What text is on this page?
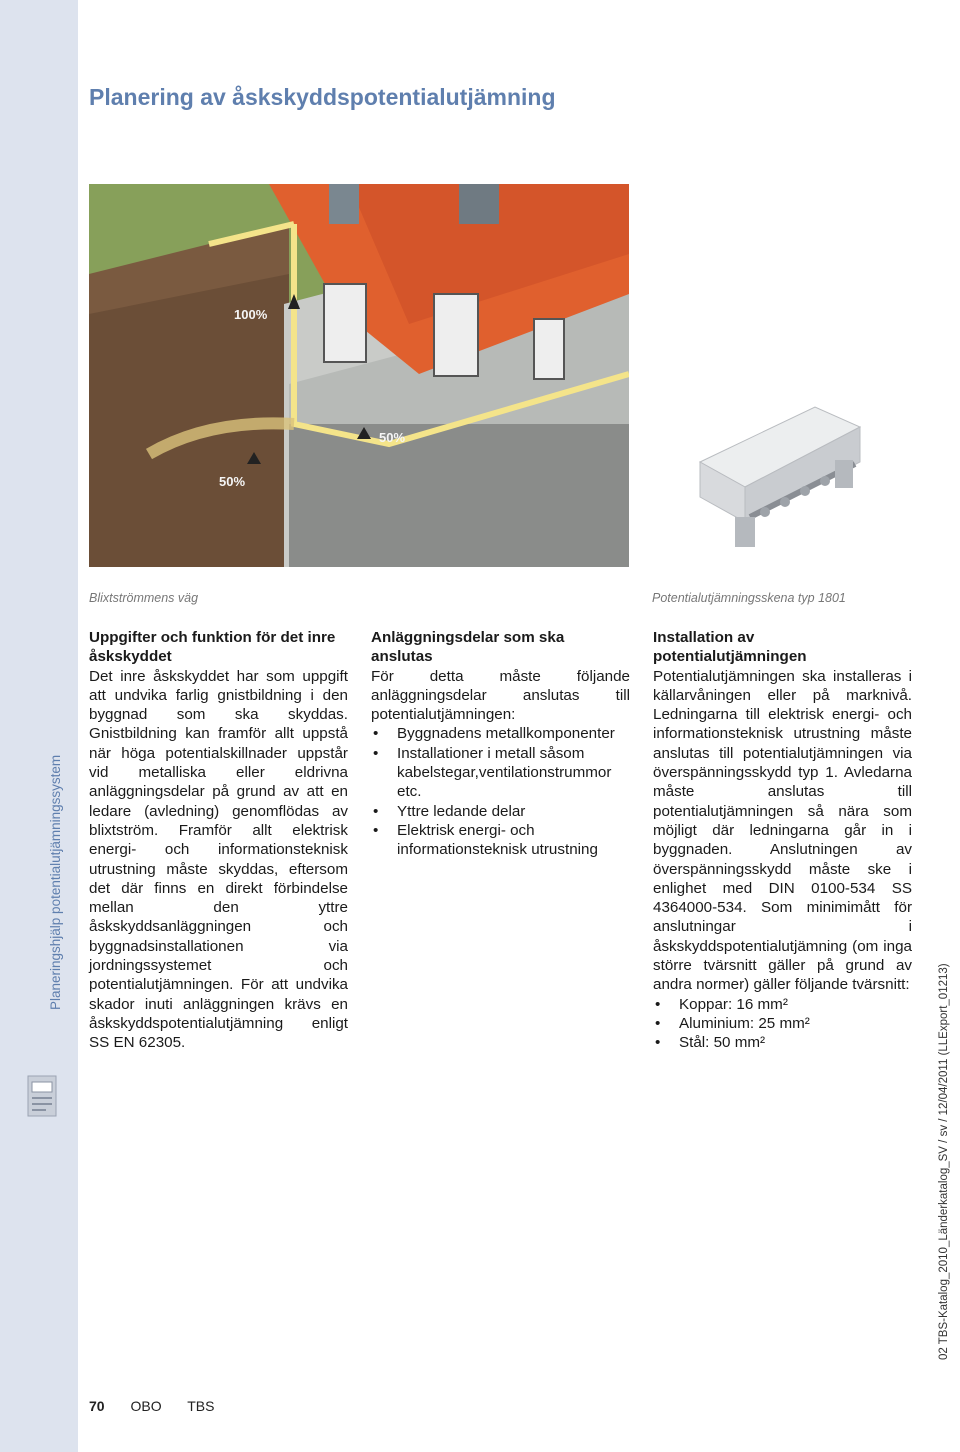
Planeringshjälp potentialutjämningssystem
02 TBS-Katalog_2010_Länderkatalog_SV / sv / 12/04/2011 (LLExport_01213)
Planering av åskskyddspotentialutjämning
100%
50%
50%
Blixtströmmens väg	Potentialutjämningsskena typ 1801
Uppgifter och funktion för det inre åskskyddet

Det inre åskskyddet har som uppgift att undvika farlig gnistbildning i den byggnad som ska skyddas. Gnistbildning kan framför allt uppstå när höga potentialskillnader uppstår vid metalliska eller eldrivna anläggningsdelar på grund av att en ledare (avledning) genomflödas av blixtström. Framför allt elektrisk energi- och informationsteknisk utrustning måste skyddas, eftersom det där finns en direkt förbindelse mellan den yttre åskskyddsanläggningen och byggnadsinstallationen via jordningssystemet och potentialutjämningen. För att undvika skador inuti anläggningen krävs en åskskyddspotentialutjämning enligt SS EN 62305.

Anläggningsdelar som ska anslutas

För detta måste följande anläggningsdelar anslutas till potentialutjämningen:

• Byggnadens metallkomponenter
• Installationer i metall såsom kabelstegar,ventilationstrummor etc.
• Yttre ledande delar
• Elektrisk energi- och informationsteknisk utrustning
Installation av potentialutjämningen

Potentialutjämningen ska installeras i källarvåningen eller på marknivå. Ledningarna till elektrisk energi- och informationsteknisk utrustning måste anslutas till potentialutjämningen via överspänningsskydd typ 1. Avledarna måste anslutas till potentialutjämningen så nära som möjligt där ledningarna går in i byggnaden. Anslutningen av överspänningsskydd måste ske i enlighet med DIN 0100-534 SS 4364000-534. Som minimimått för anslutningar i åskskyddspotentialutjämning (om inga större tvärsnitt gäller på grund av andra normer) gäller följande tvärsnitt:

• Koppar: 16 mm²
• Aluminium: 25 mm²
• Stål: 50 mm²
70 OBO TBS
